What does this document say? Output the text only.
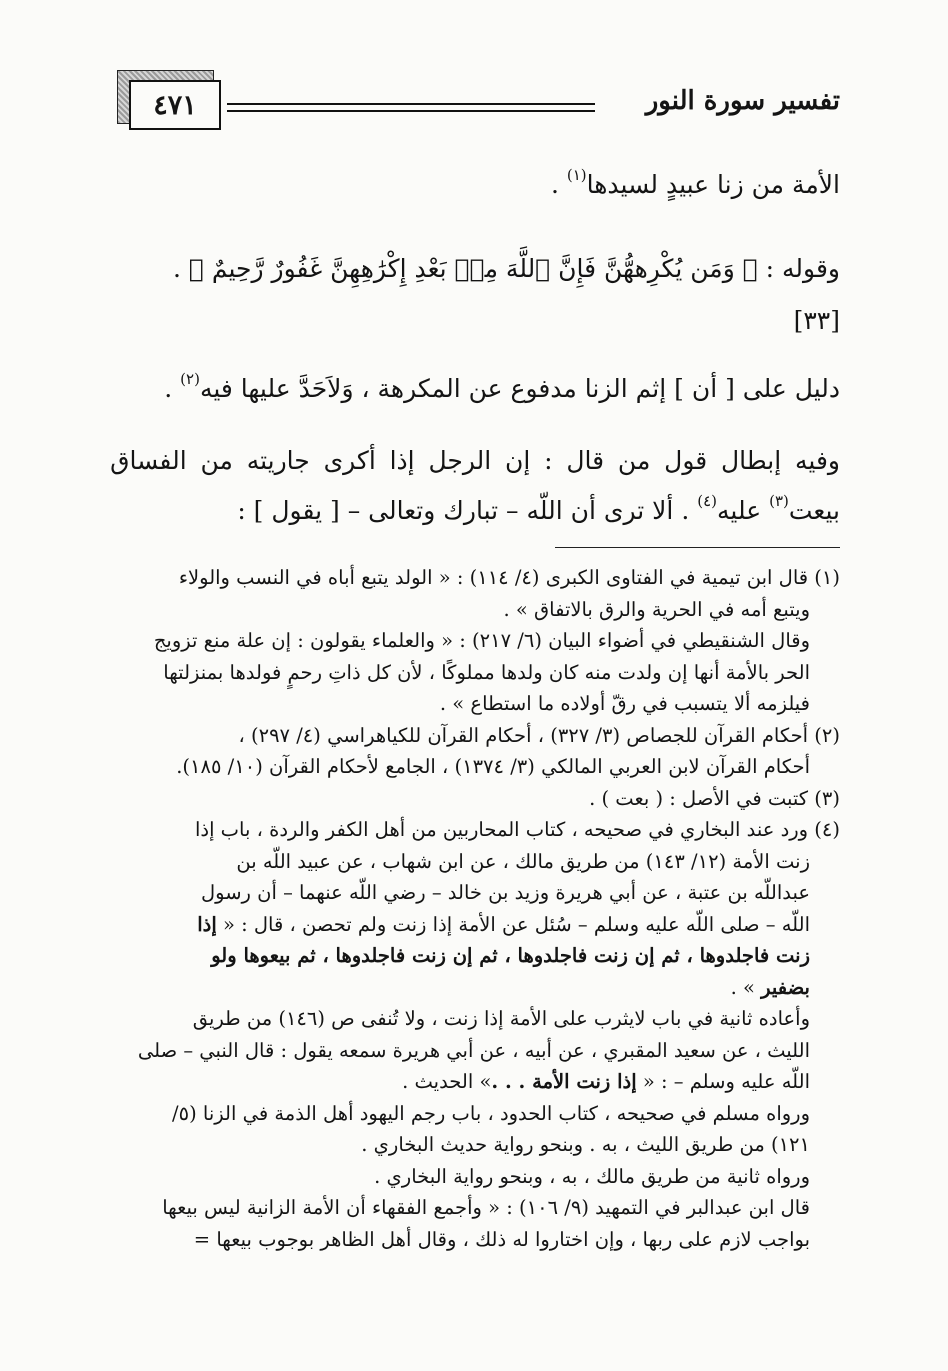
٤٧١	تفسير سورة النور
الأمة من زنا عبيدٍ لسيدها$^{(١)}$ .
وقوله : ﴿ وَمَن يُكْرِههُّنَّ فَإِنَّ ٱللَّهَ مِنۢ بَعْدِ إِكْرَٰهِهِنَّ غَفُورٌ رَّحِيمٌ ﴾ .
[٣٣]
دليل على [ أن ] إثم الزنا مدفوع عن المكرهة ، وَلاَحَدَّ عليها فيه$^{(٢)}$ .
وفيه
إبطال
قول
من
قال
:
إن
الرجل
إذا
أكرى
جاريته
من
الفساق
بيعت$^{(٣)}$ عليه$^{(٤)}$ . ألا ترى أن اللّه – تبارك وتعالى – [ يقول ] :
(١) قال ابن تيمية في الفتاوى الكبرى (٤/ ١١٤) : « الولد يتبع أباه في النسب والولاء
ويتبع أمه في الحرية والرق بالاتفاق » .
وقال الشنقيطي في أضواء البيان (٦/ ٢١٧) : « والعلماء يقولون : إن علة منع تزويج
الحر بالأمة أنها إن ولدت منه كان ولدها مملوكًا ، لأن كل ذاتِ رحمٍ فولدها بمنزلتها
فيلزمه ألا يتسبب في رقّ أولاده ما استطاع » .
(٢) أحكام القرآن للجصاص (٣/ ٣٢٧) ، أحكام القرآن للكياهراسي (٤/ ٢٩٧) ،
أحكام القرآن لابن العربي المالكي (٣/ ١٣٧٤) ، الجامع لأحكام القرآن (١٠/ ١٨٥).
(٣) كتبت في الأصل : ( بعت ) .
(٤) ورد عند البخاري في صحيحه ، كتاب المحاربين من أهل الكفر والردة ، باب إذا
زنت الأمة (١٢/ ١٤٣) من طريق مالك ، عن ابن شهاب ، عن عبيد اللّه بن
عبداللّه بن عتبة ، عن أبي هريرة وزيد بن خالد – رضي اللّه عنهما – أن رسول
اللّه – صلى اللّه عليه وسلم – سُئل عن الأمة إذا زنت ولم تحصن ، قال : « إذا
زنت فاجلدوها ، ثم إن زنت فاجلدوها ، ثم إن زنت فاجلدوها ، ثم بيعوها ولو
بضفير » .
وأعاده ثانية في باب لايثرب على الأمة إذا زنت ، ولا تُنفى ص (١٤٦) من طريق
الليث ، عن سعيد المقبري ، عن أبيه ، عن أبي هريرة سمعه يقول : قال النبي – صلى
اللّه عليه وسلم – : « إذا زنت الأمة . . .» الحديث .
ورواه مسلم في صحيحه ، كتاب الحدود ، باب رجم اليهود أهل الذمة في الزنا (٥/
١٢١) من طريق الليث ، به . وبنحو رواية حديث البخاري .
ورواه ثانية من طريق مالك ، به ، وبنحو رواية البخاري .
قال ابن عبدالبر في التمهيد (٩/ ١٠٦) : « وأجمع الفقهاء أن الأمة الزانية ليس بيعها
بواجب لازم على ربها ، وإن اختاروا له ذلك ، وقال أهل الظاهر بوجوب بيعها =
